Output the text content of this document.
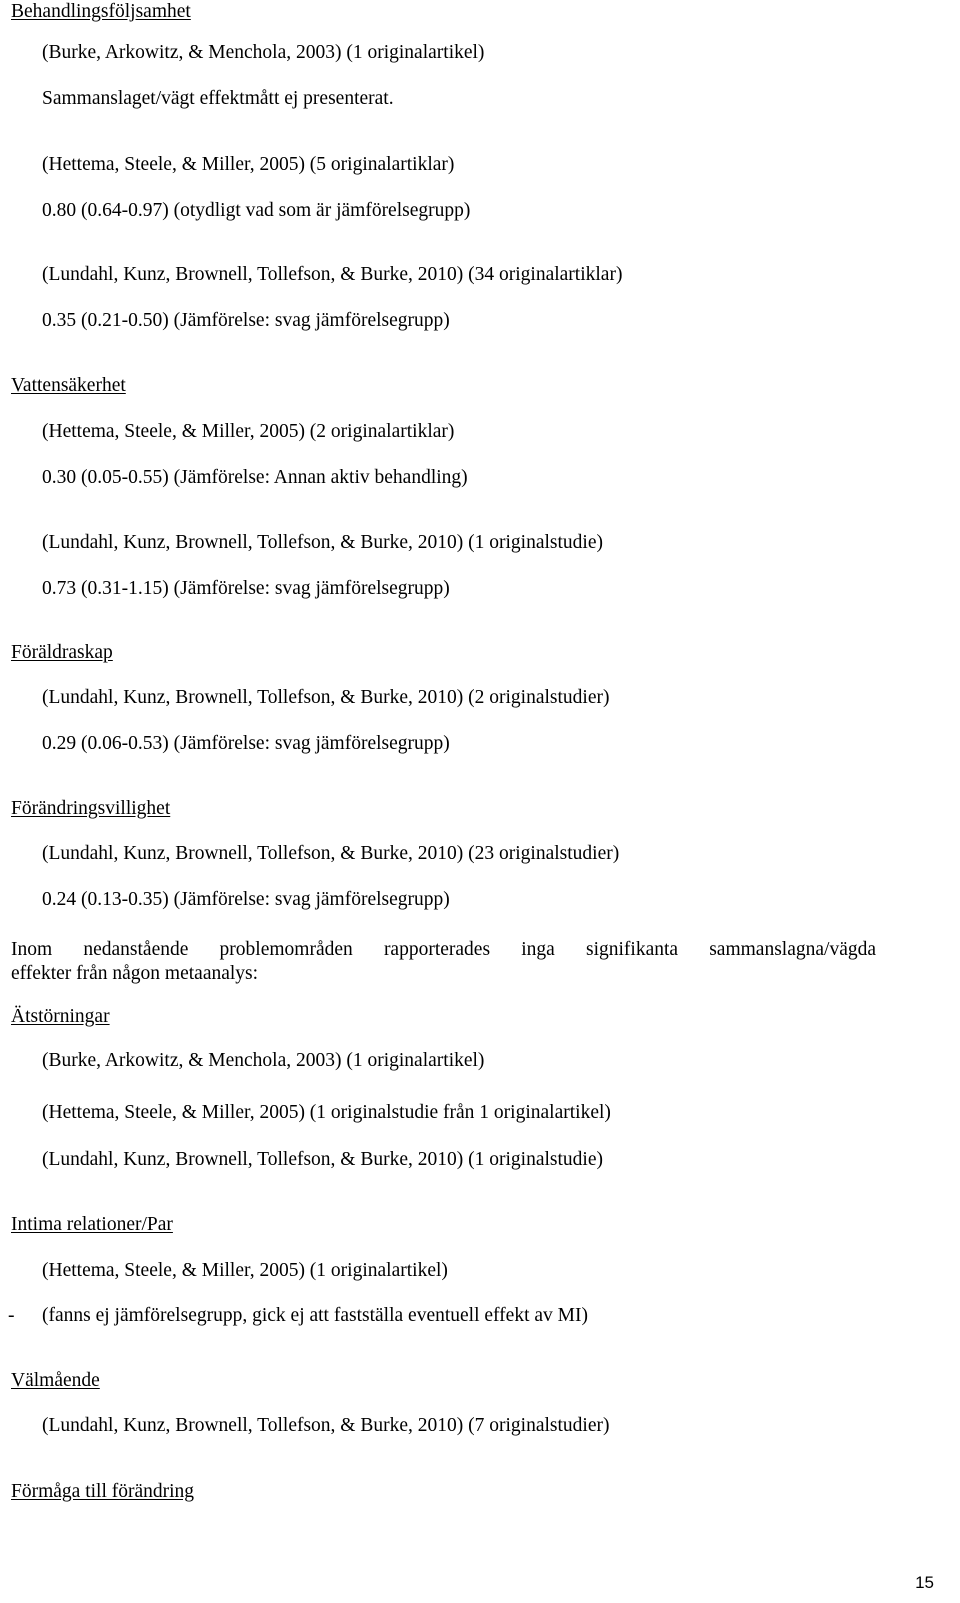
Behandlingsföljsamhet
(Burke, Arkowitz, & Menchola, 2003) (1 originalartikel)
Sammanslaget/vägt effektmått ej presenterat.
(Hettema, Steele, & Miller, 2005) (5 originalartiklar)
0.80 (0.64-0.97) (otydligt vad som är jämförelsegrupp)
(Lundahl, Kunz, Brownell, Tollefson, & Burke, 2010) (34 originalartiklar)
0.35 (0.21-0.50) (Jämförelse: svag jämförelsegrupp)
Vattensäkerhet
(Hettema, Steele, & Miller, 2005) (2 originalartiklar)
0.30 (0.05-0.55) (Jämförelse: Annan aktiv behandling)
(Lundahl, Kunz, Brownell, Tollefson, & Burke, 2010) (1 originalstudie)
0.73 (0.31-1.15) (Jämförelse: svag jämförelsegrupp)
Föräldraskap
(Lundahl, Kunz, Brownell, Tollefson, & Burke, 2010) (2 originalstudier)
0.29 (0.06-0.53) (Jämförelse: svag jämförelsegrupp)
Förändringsvillighet
(Lundahl, Kunz, Brownell, Tollefson, & Burke, 2010) (23 originalstudier)
0.24 (0.13-0.35) (Jämförelse: svag jämförelsegrupp)
Inom nedanstående problemområden rapporterades inga signifikanta sammanslagna/vägda
effekter från någon metaanalys:
Ätstörningar
(Burke, Arkowitz, & Menchola, 2003) (1 originalartikel)
(Hettema, Steele, & Miller, 2005) (1 originalstudie från 1 originalartikel)
(Lundahl, Kunz, Brownell, Tollefson, & Burke, 2010) (1 originalstudie)
Intima relationer/Par
(Hettema, Steele, & Miller, 2005) (1 originalartikel)
- (fanns ej jämförelsegrupp, gick ej att fastställa eventuell effekt av MI)
Välmående
(Lundahl, Kunz, Brownell, Tollefson, & Burke, 2010) (7 originalstudier)
Förmåga till förändring
15
